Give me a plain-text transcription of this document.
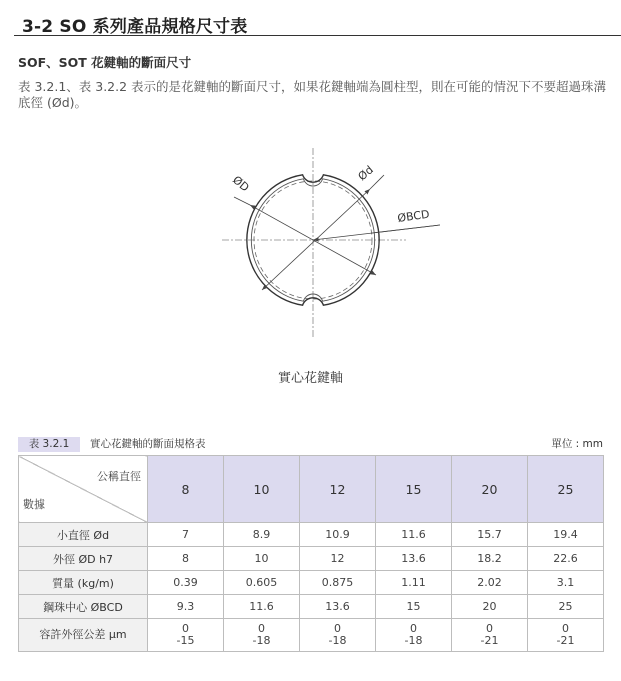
3-2 SO 系列產品規格尺寸表
SOF、SOT 花鍵軸的斷面尺寸

表 3.2.1、表 3.2.2 表示的是花鍵軸的斷面尺寸，如果花鍵軸端為圓柱型，則在可能的情況下不要超過珠溝底徑 (Ød)。

ØD
Ød
ØBCD
實心花鍵軸
表 3.2.1	實心花鍵軸的斷面規格表	單位 : mm
公稱直徑
數據	8	10	12	15	20	25
小直徑 Ød	7	8.9	10.9	11.6	15.7	19.4
外徑 ØD h7	8	10	12	13.6	18.2	22.6
質量 (kg/m)	0.39	0.605	0.875	1.11	2.02	3.1
鋼珠中心 ØBCD	9.3	11.6	13.6	15	20	25
容許外徑公差 μm	0
-15	0
-18	0
-18	0
-18	0
-21	0
-21
